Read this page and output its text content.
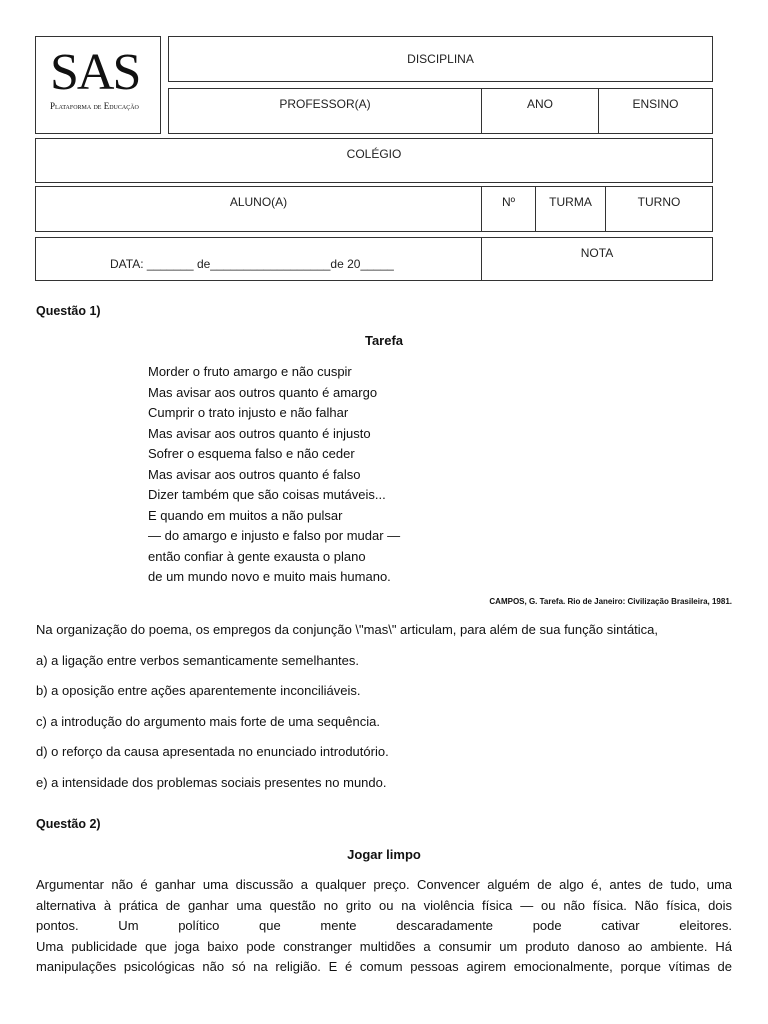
SAS
Plataforma de Educação
DISCIPLINA
PROFESSOR(A)	ANO	ENSINO
COLÉGIO
ALUNO(A)	Nº	TURMA	TURNO
DATA: _______ de__________________de 20_____
NOTA
Questão 1)
Tarefa
Morder o fruto amargo e não cuspir
Mas avisar aos outros quanto é amargo
Cumprir o trato injusto e não falhar
Mas avisar aos outros quanto é injusto
Sofrer o esquema falso e não ceder
Mas avisar aos outros quanto é falso
Dizer também que são coisas mutáveis...
E quando em muitos a não pulsar
— do amargo e injusto e falso por mudar —
então confiar à gente exausta o plano
de um mundo novo e muito mais humano.
CAMPOS, G. Tarefa. Rio de Janeiro: Civilização Brasileira, 1981.
Na organização do poema, os empregos da conjunção \"mas\" articulam, para além de sua função sintática,
a) a ligação entre verbos semanticamente semelhantes.
b) a oposição entre ações aparentemente inconciliáveis.
c) a introdução do argumento mais forte de uma sequência.
d) o reforço da causa apresentada no enunciado introdutório.
e) a intensidade dos problemas sociais presentes no mundo.
Questão 2)
Jogar limpo
Argumentar não é ganhar uma discussão a qualquer preço. Convencer alguém de algo é, antes de tudo, uma
alternativa à prática de ganhar uma questão no grito ou na violência física — ou não física. Não física, dois
pontos. Um político que mente descaradamente pode cativar eleitores.
Uma publicidade que joga baixo pode constranger multidões a consumir um produto danoso ao ambiente. Há
manipulações psicológicas não só na religião. E é comum pessoas agirem emocionalmente, porque vítimas de
